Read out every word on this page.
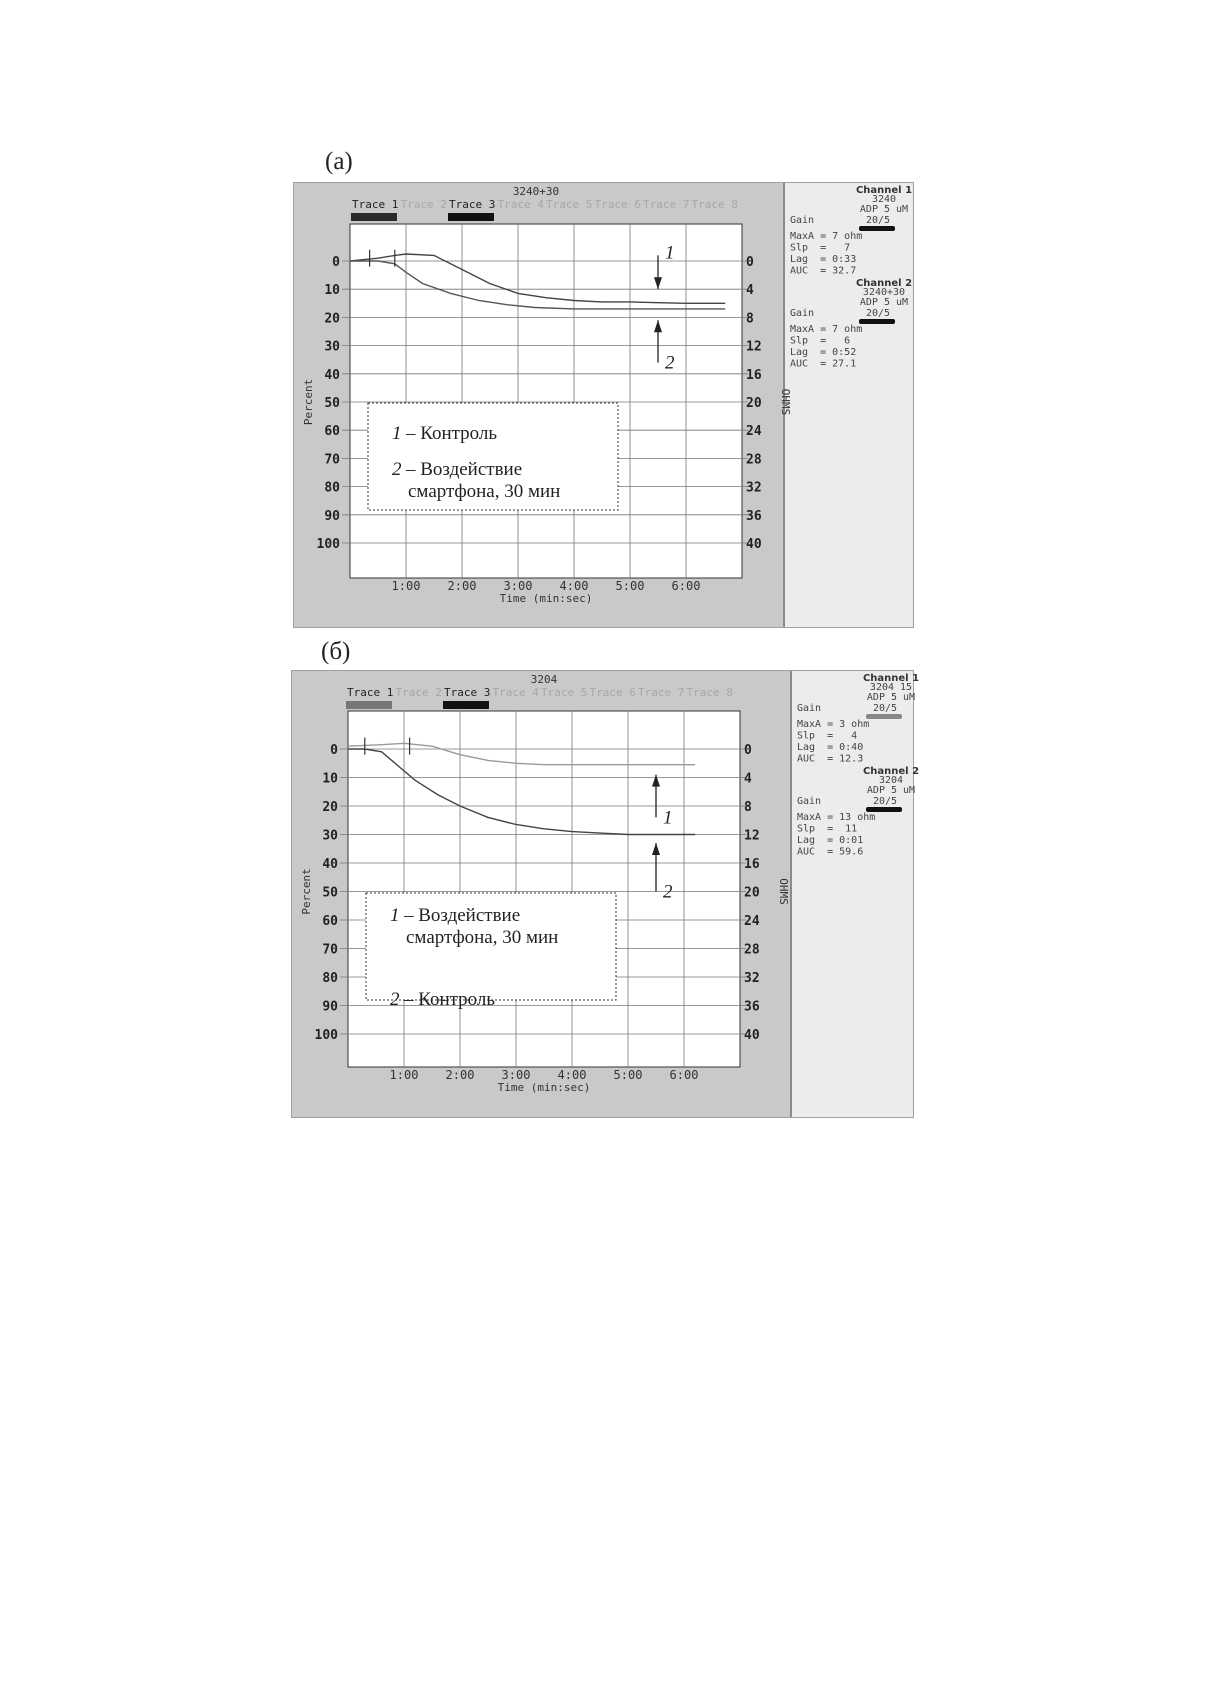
(а)
3240+30
Trace 1 Trace 2 Trace 3 Trace 4 Trace 5 Trace 6 Trace 7 Trace 8
0	0
10	4
20	8
30	12
40	16
50	20
60	24
70	28
80	32
90	36
100	40
1:00 2:00 3:00 4:00 5:00 6:00
Time (min:sec)
Percent	OHMS
1
2
1 – Контроль
2 – Воздействие
смартфона, 30 мин
Channel 1
3240
ADP 5 uM
Gain	20/5
MaxA = 7 ohm
Slp  =   7
Lag  = 0:33
AUC  = 32.7
Channel 2
3240+30
ADP 5 uM
Gain	20/5
MaxA = 7 ohm
Slp  =   6
Lag  = 0:52
AUC  = 27.1
(б)
3204
Trace 1 Trace 2 Trace 3 Trace 4 Trace 5 Trace 6 Trace 7 Trace 8
0	0
10	4
20	8
30	12
40	16
50	20
60	24
70	28
80	32
90	36
100	40
1:00 2:00 3:00 4:00 5:00 6:00
Time (min:sec)
Percent	OHMS
1
2
1 – Воздействие
смартфона, 30 мин
2 – Контроль
Channel 1
3204 15
ADP 5 uM
Gain	20/5
MaxA = 3 ohm
Slp  =   4
Lag  = 0:40
AUC  = 12.3
Channel 2
3204
ADP 5 uM
Gain	20/5
MaxA = 13 ohm
Slp  =  11
Lag  = 0:01
AUC  = 59.6
